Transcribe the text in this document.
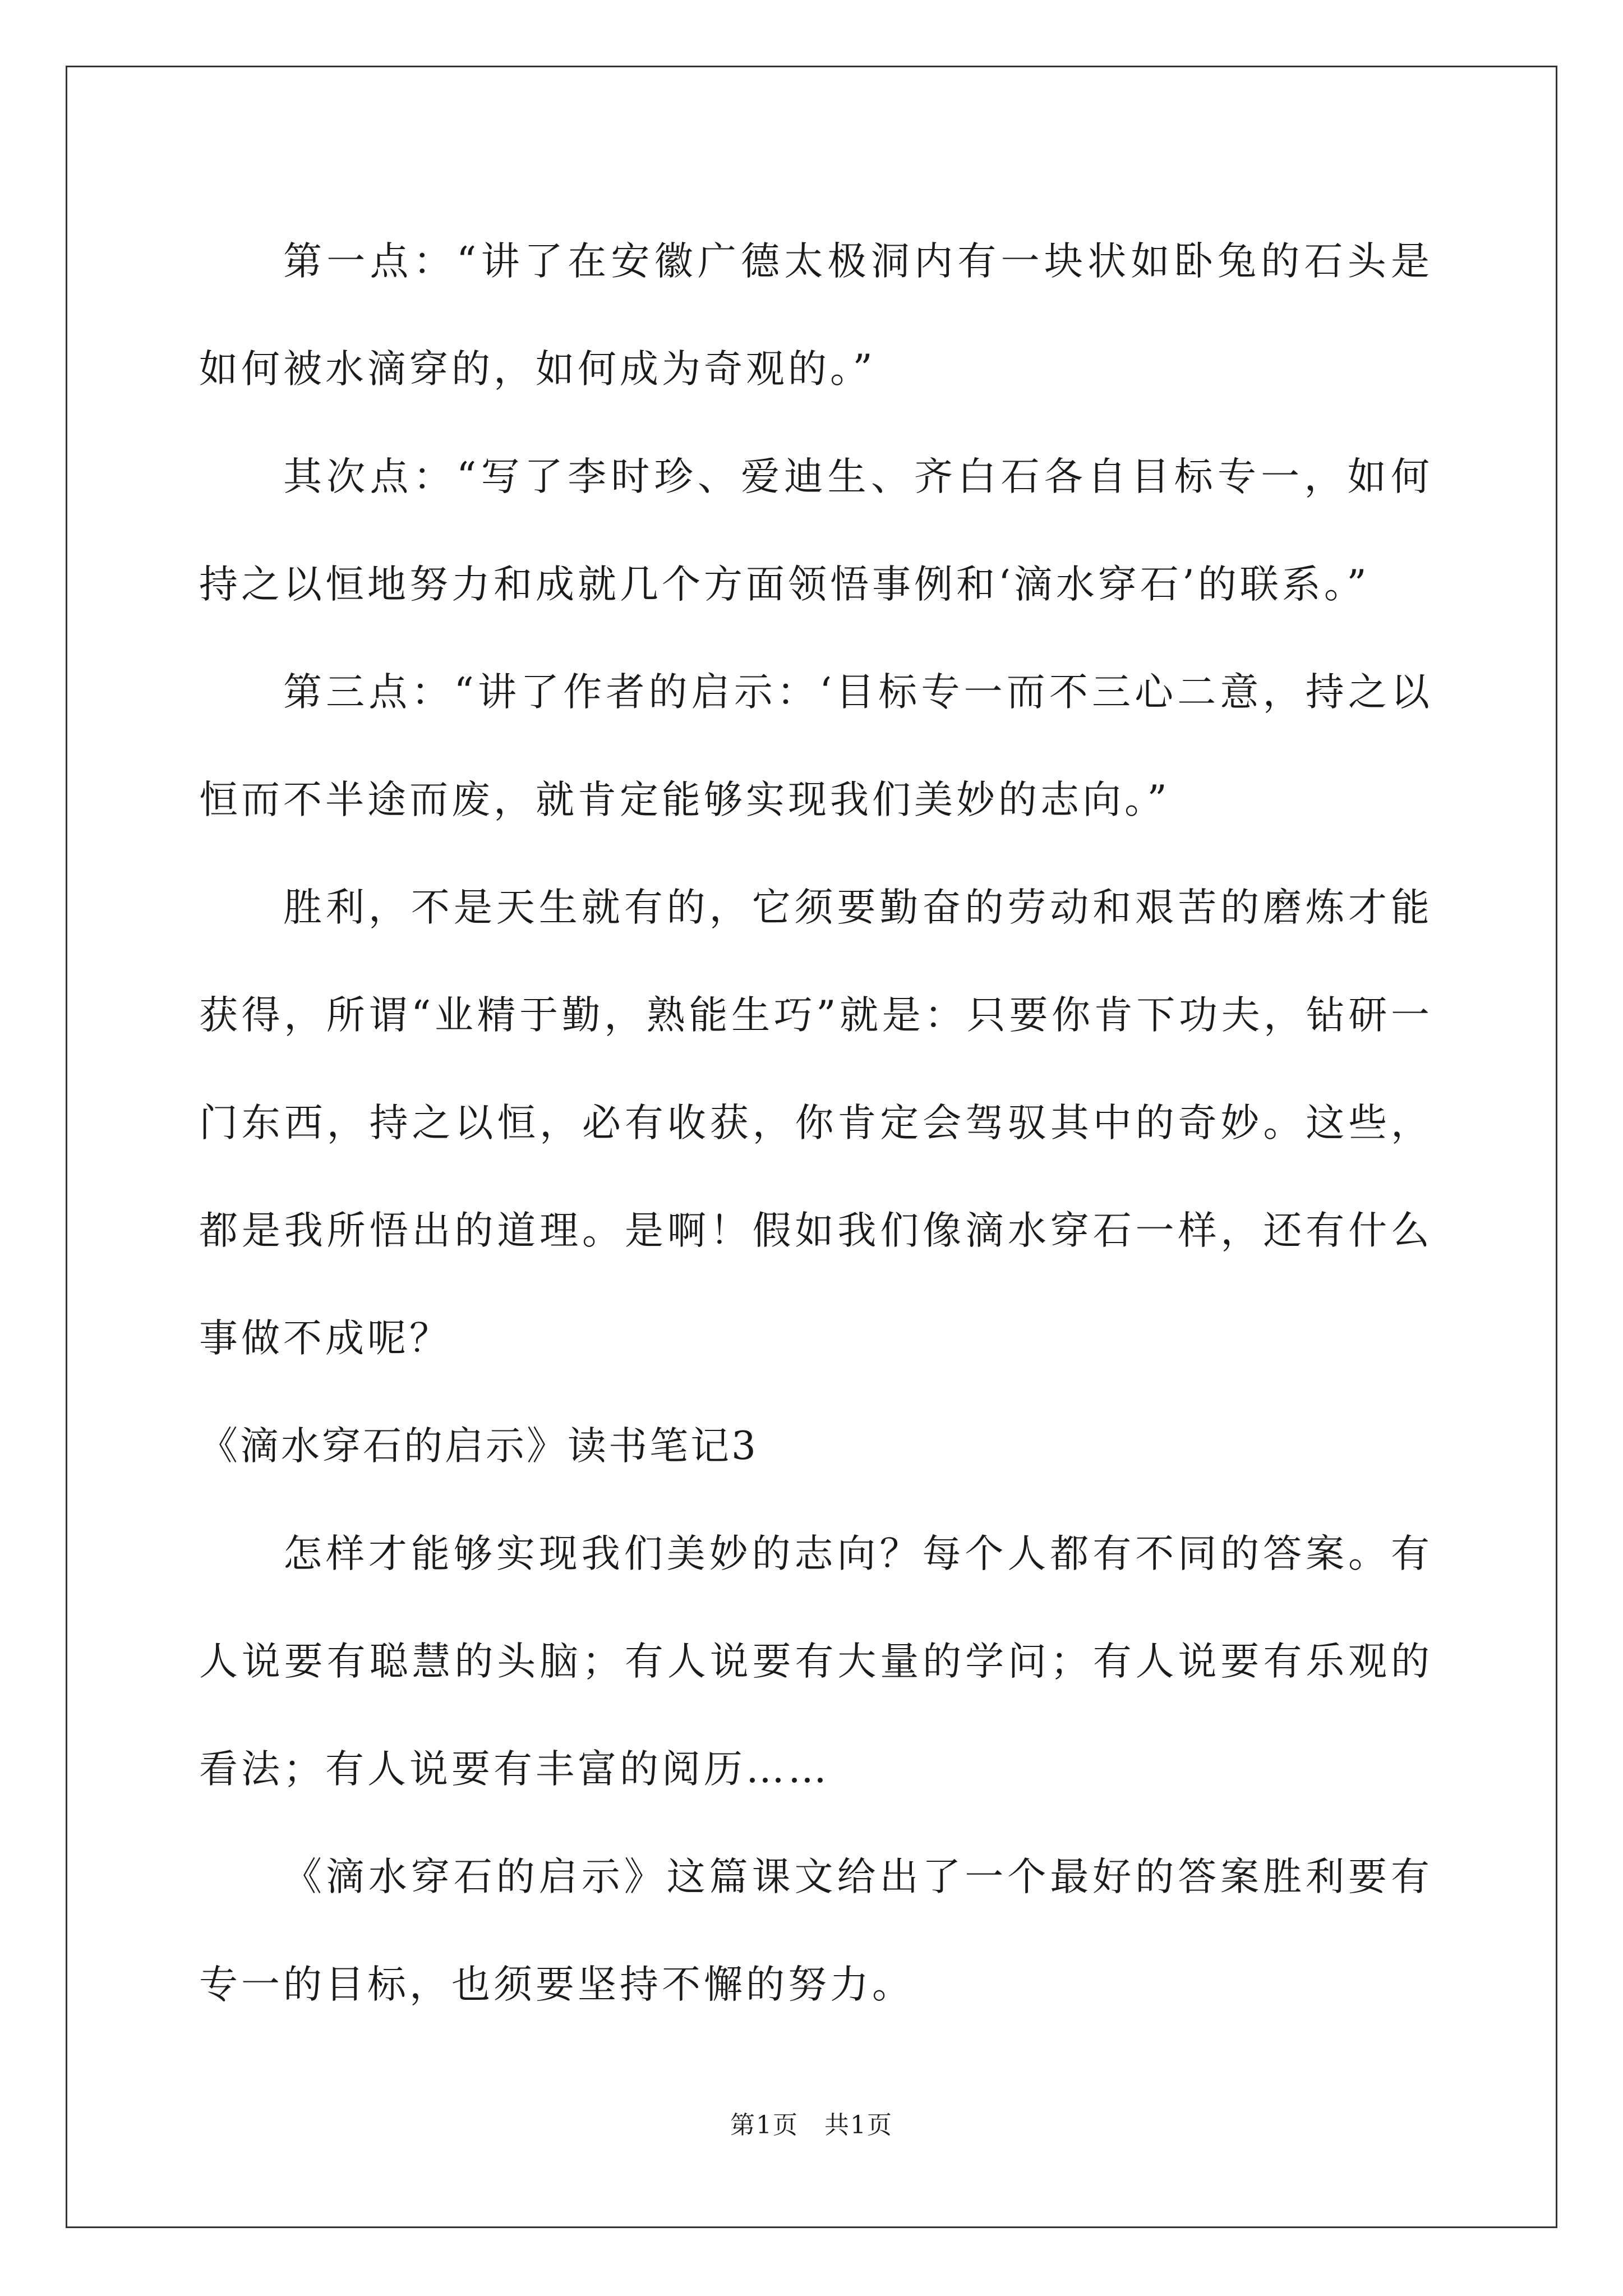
第一点：“讲了在安徽广德太极洞内有一块状如卧兔的石头是如何被水滴穿的，如何成为奇观的。”

其次点：“写了李时珍、爱迪生、齐白石各自目标专一，如何持之以恒地努力和成就几个方面领悟事例和‘滴水穿石’的联系。”

第三点：“讲了作者的启示：‘目标专一而不三心二意，持之以恒而不半途而废，就肯定能够实现我们美妙的志向。”

胜利，不是天生就有的，它须要勤奋的劳动和艰苦的磨炼才能获得，所谓“业精于勤，熟能生巧”就是：只要你肯下功夫，钻研一门东西，持之以恒，必有收获，你肯定会驾驭其中的奇妙。这些，都是我所悟出的道理。是啊！假如我们像滴水穿石一样，还有什么事做不成呢？

《滴水穿石的启示》读书笔记3

怎样才能够实现我们美妙的志向？每个人都有不同的答案。有人说要有聪慧的头脑；有人说要有大量的学问；有人说要有乐观的看法；有人说要有丰富的阅历……

《滴水穿石的启示》这篇课文给出了一个最好的答案胜利要有专一的目标，也须要坚持不懈的努力。

第1页　共1页
